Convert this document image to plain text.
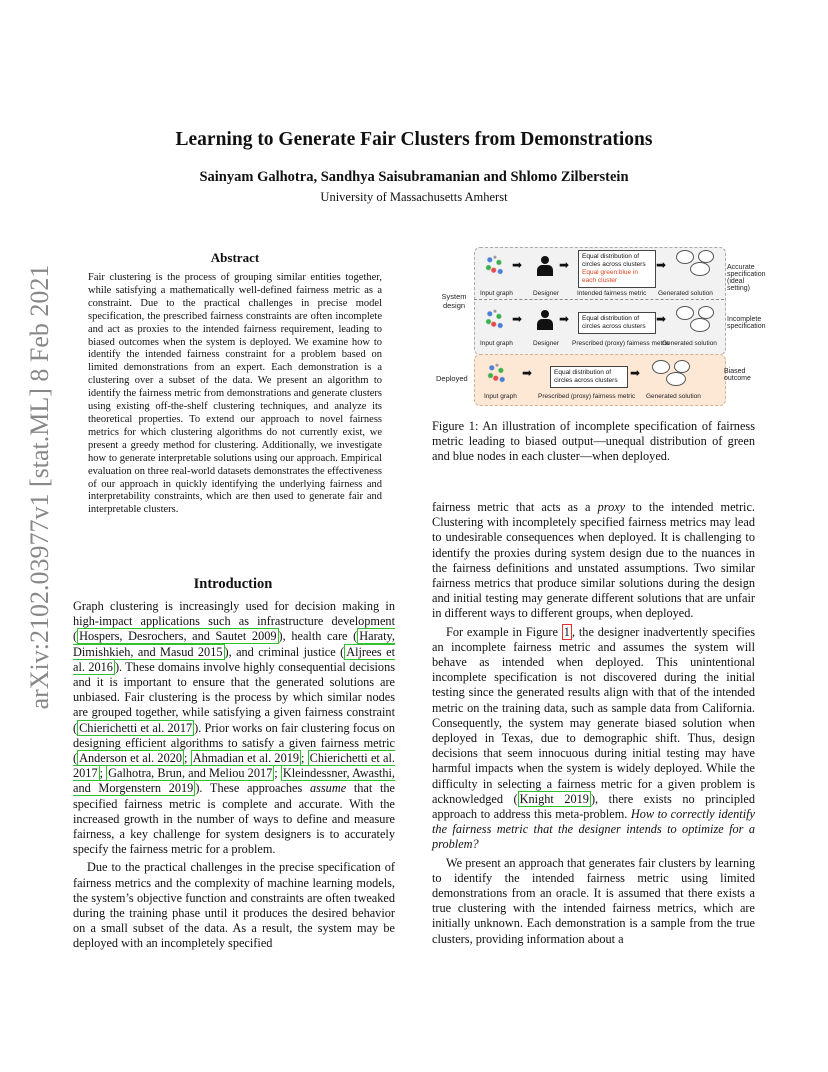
arXiv:2102.03977v1 [stat.ML] 8 Feb 2021
Learning to Generate Fair Clusters from Demonstrations
Sainyam Galhotra, Sandhya Saisubramanian and Shlomo Zilberstein
University of Massachusetts Amherst
Abstract
Fair clustering is the process of grouping similar entities together, while satisfying a mathematically well-defined fairness metric as a constraint. Due to the practical challenges in precise model specification, the prescribed fairness constraints are often incomplete and act as proxies to the intended fairness requirement, leading to biased outcomes when the system is deployed. We examine how to identify the intended fairness constraint for a problem based on limited demonstrations from an expert. Each demonstration is a clustering over a subset of the data. We present an algorithm to identify the fairness metric from demonstrations and generate clusters using existing off-the-shelf clustering techniques, and analyze its theoretical properties. To extend our approach to novel fairness metrics for which clustering algorithms do not currently exist, we present a greedy method for clustering. Additionally, we investigate how to generate interpretable solutions using our approach. Empirical evaluation on three real-world datasets demonstrates the effectiveness of our approach in quickly identifying the underlying fairness and interpretability constraints, which are then used to generate fair and interpretable clusters.
Introduction

Graph clustering is increasingly used for decision making in high-impact applications such as infrastructure development ( Hospers, Desrochers, and Sautet 2009 ), health care ( Haraty, Dimishkieh, and Masud 2015 ), and criminal justice ( Aljrees et al. 2016 ). These domains involve highly consequential decisions and it is important to ensure that the generated solutions are unbiased. Fair clustering is the process by which similar nodes are grouped together, while satisfying a given fairness constraint ( Chierichetti et al. 2017 ). Prior works on fair clustering focus on designing efficient algorithms to satisfy a given fairness metric ( Anderson et al. 2020 ; Ahmadian et al. 2019 ; Chierichetti et al. 2017 ; Galhotra, Brun, and Meliou 2017 ; Kleindessner, Awasthi, and Morgenstern 2019 ). These approaches assume that the specified fairness metric is complete and accurate. With the increased growth in the number of ways to define and measure fairness, a key challenge for system designers is to accurately specify the fairness metric for a problem.

Due to the practical challenges in the precise specification of fairness metrics and the complexity of machine learning models, the system’s objective function and constraints are often tweaked during the training phase until it produces the desired behavior on a small subset of the data. As a result, the system may be deployed with an incompletely specified

System design
Deployed
➡	➡
Equal distribution of circles across clusters
Equal green:blue in each cluster
➡	Accurate specification (ideal setting)
Input graph	Designer	Intended fairness metric Generated solution
➡	➡	Equal distribution of circles across clusters
➡	Incomplete specification
Input graph	Designer Prescribed (proxy) fairness metric
Generated solution
➡	Equal distribution of circles across clusters
➡	Biased outcome
Input graph	Prescribed (proxy) fairness metric Generated solution
Figure 1: An illustration of incomplete specification of fairness metric leading to biased output—unequal distribution of green and blue nodes in each cluster—when deployed.

fairness metric that acts as a proxy to the intended metric. Clustering with incompletely specified fairness metrics may lead to undesirable consequences when deployed. It is challenging to identify the proxies during system design due to the nuances in the fairness definitions and unstated assumptions. Two similar fairness metrics that produce similar solutions during the design and initial testing may generate different solutions that are unfair in different ways to different groups, when deployed.

For example in Figure 1 , the designer inadvertently specifies an incomplete fairness metric and assumes the system will behave as intended when deployed. This unintentional incomplete specification is not discovered during the initial testing since the generated results align with that of the intended metric on the training data, such as sample data from California. Consequently, the system may generate biased solution when deployed in Texas, due to demographic shift. Thus, design decisions that seem innocuous during initial testing may have harmful impacts when the system is widely deployed. While the difficulty in selecting a fairness metric for a given problem is acknowledged ( Knight 2019 ), there exists no principled approach to address this meta-problem. How to correctly identify the fairness metric that the designer intends to optimize for a problem?

We present an approach that generates fair clusters by learning to identify the intended fairness metric using limited demonstrations from an oracle. It is assumed that there exists a true clustering with the intended fairness metrics, which are initially unknown. Each demonstration is a sample from the true clusters, providing information about a
